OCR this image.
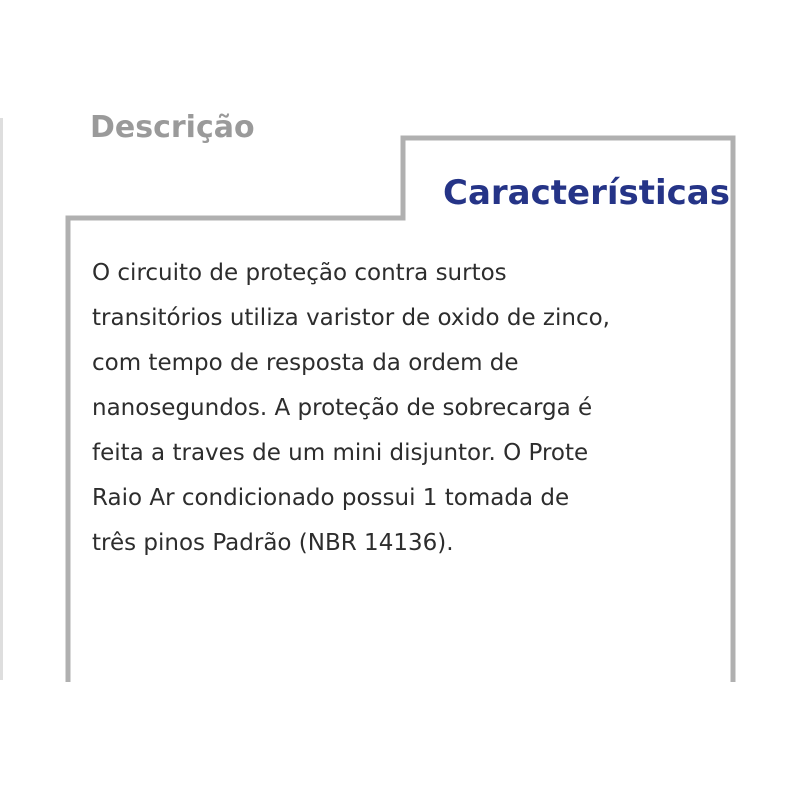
Descrição
Características

O circuito de proteção contra surtos
transitórios utiliza varistor de oxido de zinco,
com tempo de resposta da ordem de
nanosegundos. A proteção de sobrecarga é
feita a traves de um mini disjuntor. O Prote
Raio Ar condicionado possui 1 tomada de
três pinos Padrão (NBR 14136).
